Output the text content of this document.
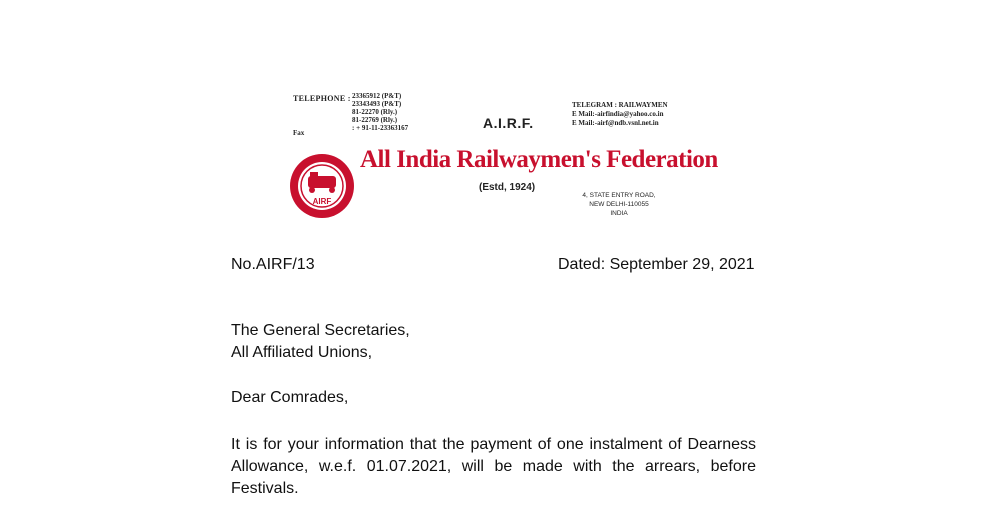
TELEPHONE :
Fax
23365912 (P&T)
23343493 (P&T)
81-22270 (Rly.)
81-22769 (Rly.)
: + 91-11-23363167	A.I.R.F.
TELEGRAM : RAILWAYMEN
E Mail:-airfindia@yahoo.co.in
E Mail:-airf@ndb.vsnl.net.in
AIRF
All India Railwaymen's Federation
(Estd, 1924)
4, STATE ENTRY ROAD,
NEW DELHI-110055
INDIA
No.AIRF/13	Dated: September 29, 2021
The General Secretaries,
All Affiliated Unions,
Dear Comrades,
It is for your information that the payment of one instalment of Dearness
Allowance, w.e.f. 01.07.2021, will be made with the arrears, before
Festivals.
